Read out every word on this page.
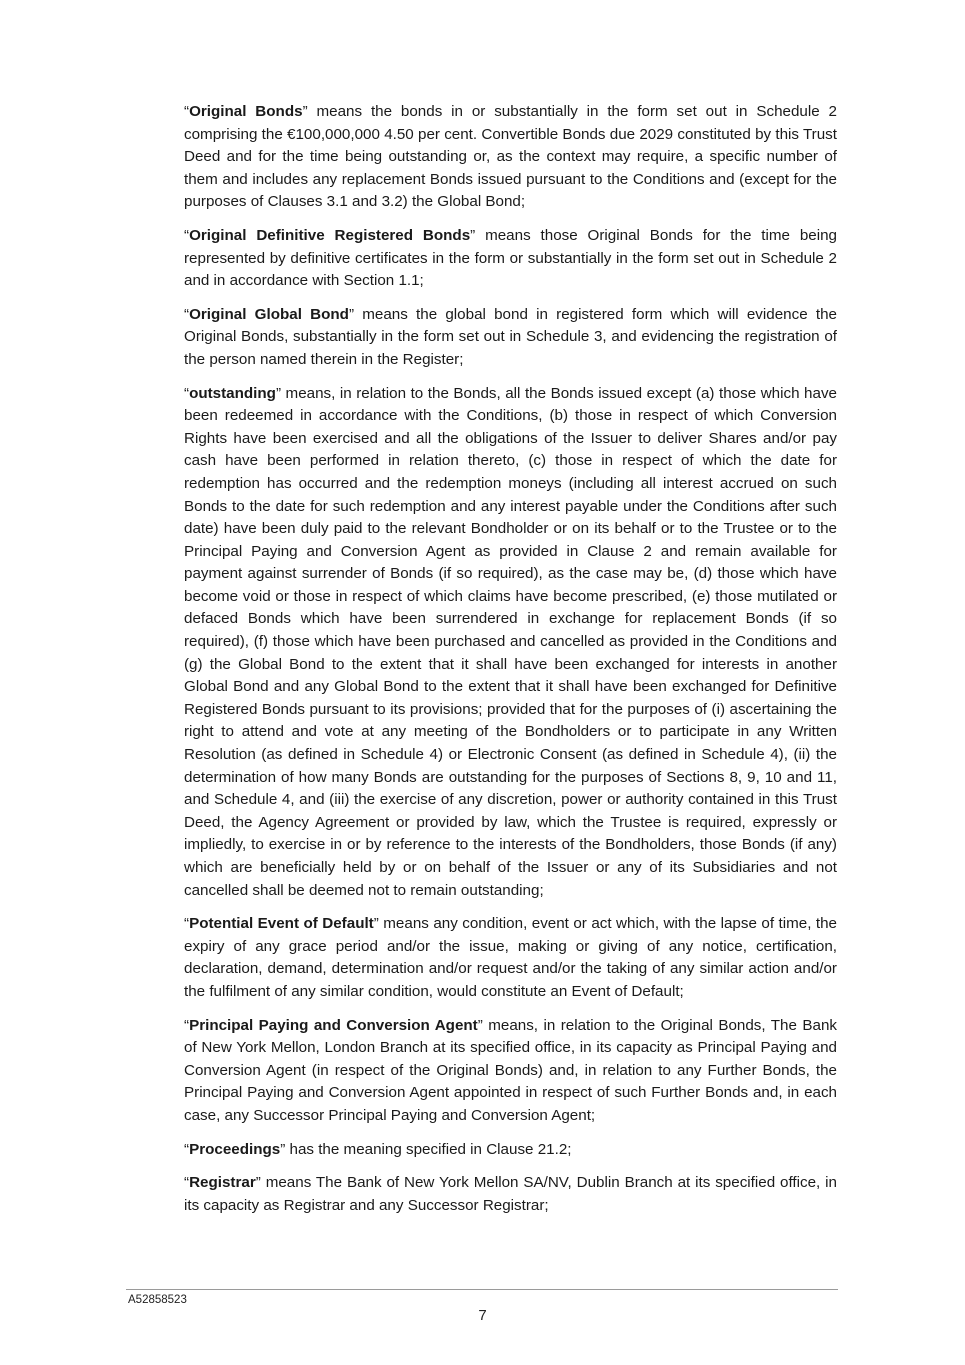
“Original Bonds” means the bonds in or substantially in the form set out in Schedule 2 comprising the €100,000,000 4.50 per cent. Convertible Bonds due 2029 constituted by this Trust Deed and for the time being outstanding or, as the context may require, a specific number of them and includes any replacement Bonds issued pursuant to the Conditions and (except for the purposes of Clauses 3.1 and 3.2) the Global Bond;

“Original Definitive Registered Bonds” means those Original Bonds for the time being represented by definitive certificates in the form or substantially in the form set out in Schedule 2 and in accordance with Section 1.1;

“Original Global Bond” means the global bond in registered form which will evidence the Original Bonds, substantially in the form set out in Schedule 3, and evidencing the registration of the person named therein in the Register;

“outstanding” means, in relation to the Bonds, all the Bonds issued except (a) those which have been redeemed in accordance with the Conditions, (b) those in respect of which Conversion Rights have been exercised and all the obligations of the Issuer to deliver Shares and/or pay cash have been performed in relation thereto, (c) those in respect of which the date for redemption has occurred and the redemption moneys (including all interest accrued on such Bonds to the date for such redemption and any interest payable under the Conditions after such date) have been duly paid to the relevant Bondholder or on its behalf or to the Trustee or to the Principal Paying and Conversion Agent as provided in Clause 2 and remain available for payment against surrender of Bonds (if so required), as the case may be, (d) those which have become void or those in respect of which claims have become prescribed, (e) those mutilated or defaced Bonds which have been surrendered in exchange for replacement Bonds (if so required), (f) those which have been purchased and cancelled as provided in the Conditions and (g) the Global Bond to the extent that it shall have been exchanged for interests in another Global Bond and any Global Bond to the extent that it shall have been exchanged for Definitive Registered Bonds pursuant to its provisions; provided that for the purposes of (i) ascertaining the right to attend and vote at any meeting of the Bondholders or to participate in any Written Resolution (as defined in Schedule 4) or Electronic Consent (as defined in Schedule 4), (ii) the determination of how many Bonds are outstanding for the purposes of Sections 8, 9, 10 and 11, and Schedule 4, and (iii) the exercise of any discretion, power or authority contained in this Trust Deed, the Agency Agreement or provided by law, which the Trustee is required, expressly or impliedly, to exercise in or by reference to the interests of the Bondholders, those Bonds (if any) which are beneficially held by or on behalf of the Issuer or any of its Subsidiaries and not cancelled shall be deemed not to remain outstanding;

“Potential Event of Default” means any condition, event or act which, with the lapse of time, the expiry of any grace period and/or the issue, making or giving of any notice, certification, declaration, demand, determination and/or request and/or the taking of any similar action and/or the fulfilment of any similar condition, would constitute an Event of Default;

“Principal Paying and Conversion Agent” means, in relation to the Original Bonds, The Bank of New York Mellon, London Branch at its specified office, in its capacity as Principal Paying and Conversion Agent (in respect of the Original Bonds) and, in relation to any Further Bonds, the Principal Paying and Conversion Agent appointed in respect of such Further Bonds and, in each case, any Successor Principal Paying and Conversion Agent;

“Proceedings” has the meaning specified in Clause 21.2;

“Registrar” means The Bank of New York Mellon SA/NV, Dublin Branch at its specified office, in its capacity as Registrar and any Successor Registrar;

A52858523
7
